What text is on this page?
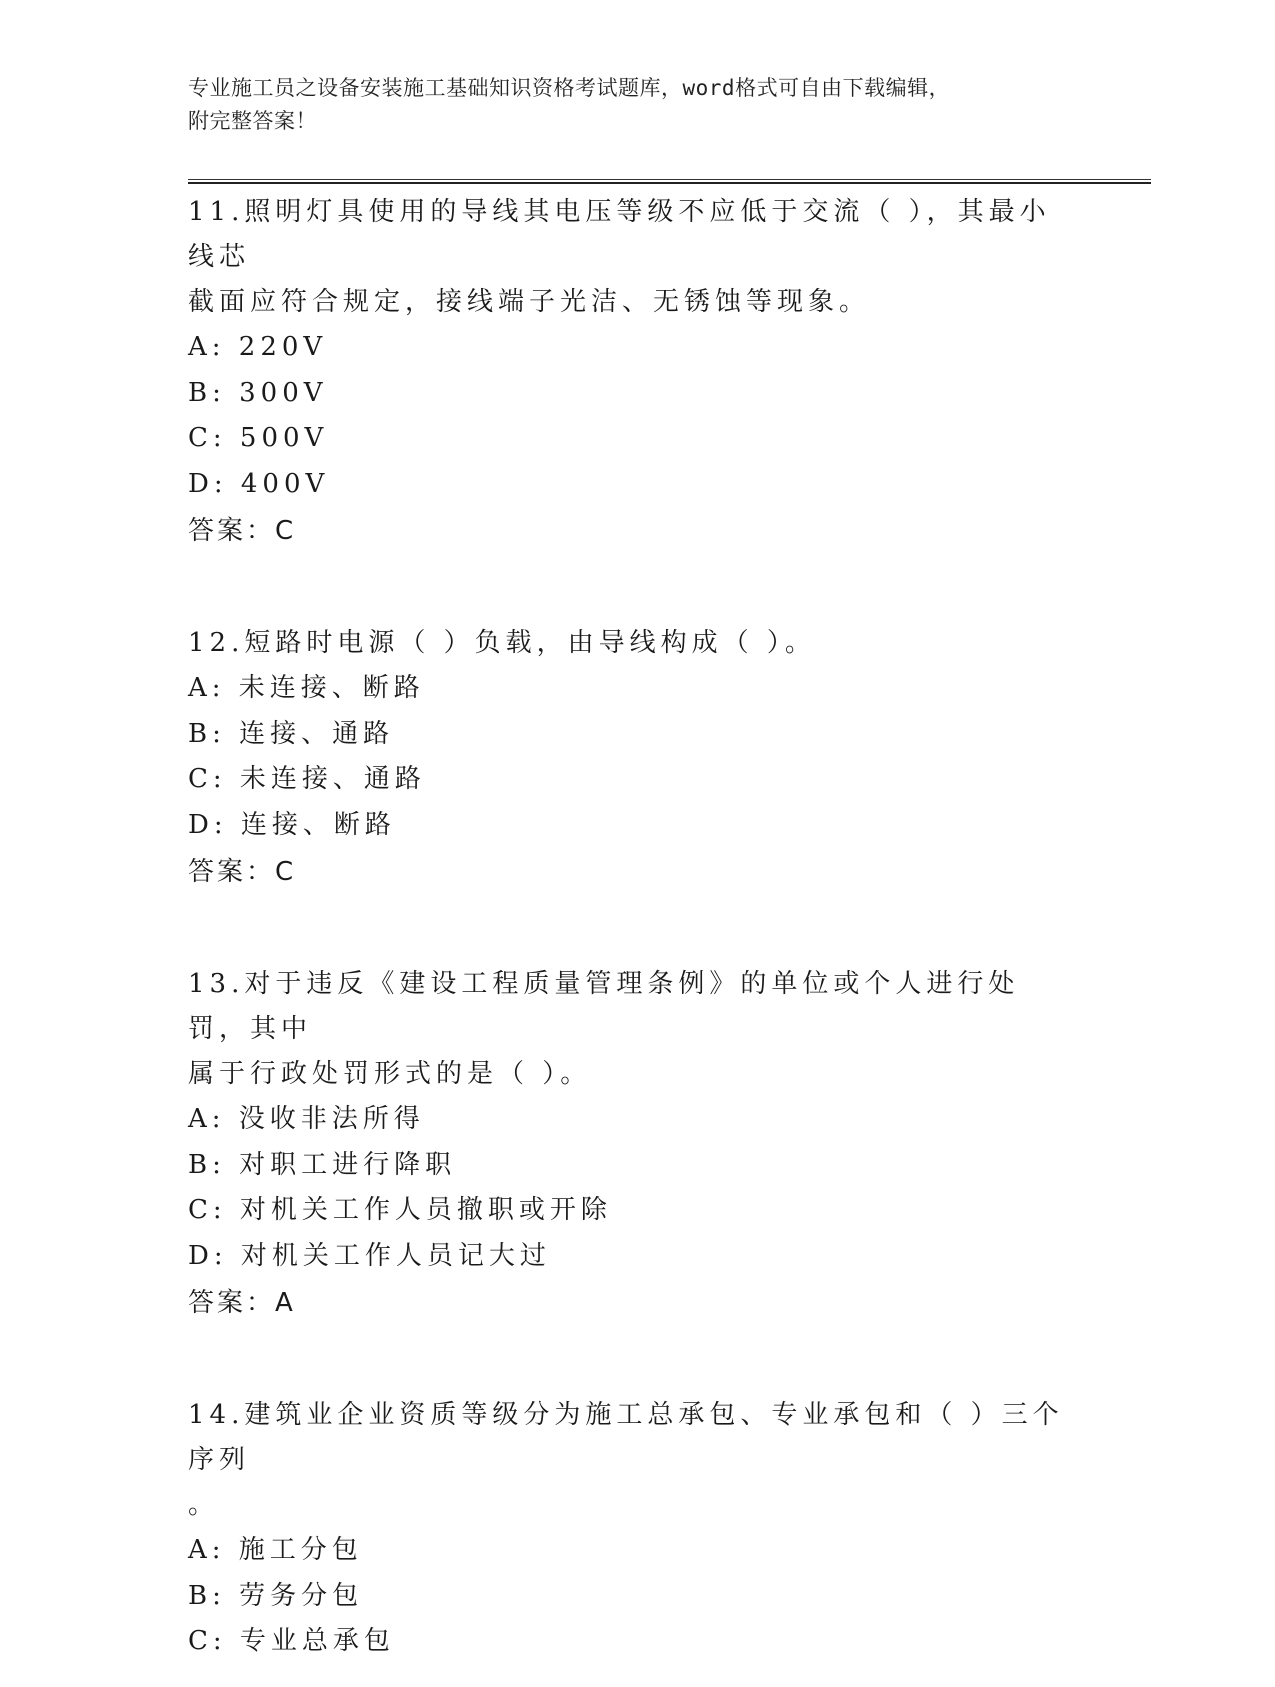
专业施工员之设备安装施工基础知识资格考试题库，word格式可自由下载编辑，
附完整答案！
11.照明灯具使用的导线其电压等级不应低于交流（ ），其最小线芯
截面应符合规定，接线端子光洁、无锈蚀等现象。
A: 220V
B: 300V
C: 500V
D: 400V
答案：C
12.短路时电源（ ）负载，由导线构成（ ）。
A: 未连接、断路
B: 连接、通路
C: 未连接、通路
D: 连接、断路
答案：C
13.对于违反《建设工程质量管理条例》的单位或个人进行处罚，其中
属于行政处罚形式的是（ ）。
A: 没收非法所得
B: 对职工进行降职
C: 对机关工作人员撤职或开除
D: 对机关工作人员记大过
答案：A
14.建筑业企业资质等级分为施工总承包、专业承包和（ ）三个序列
。
A: 施工分包
B: 劳务分包
C: 专业总承包
